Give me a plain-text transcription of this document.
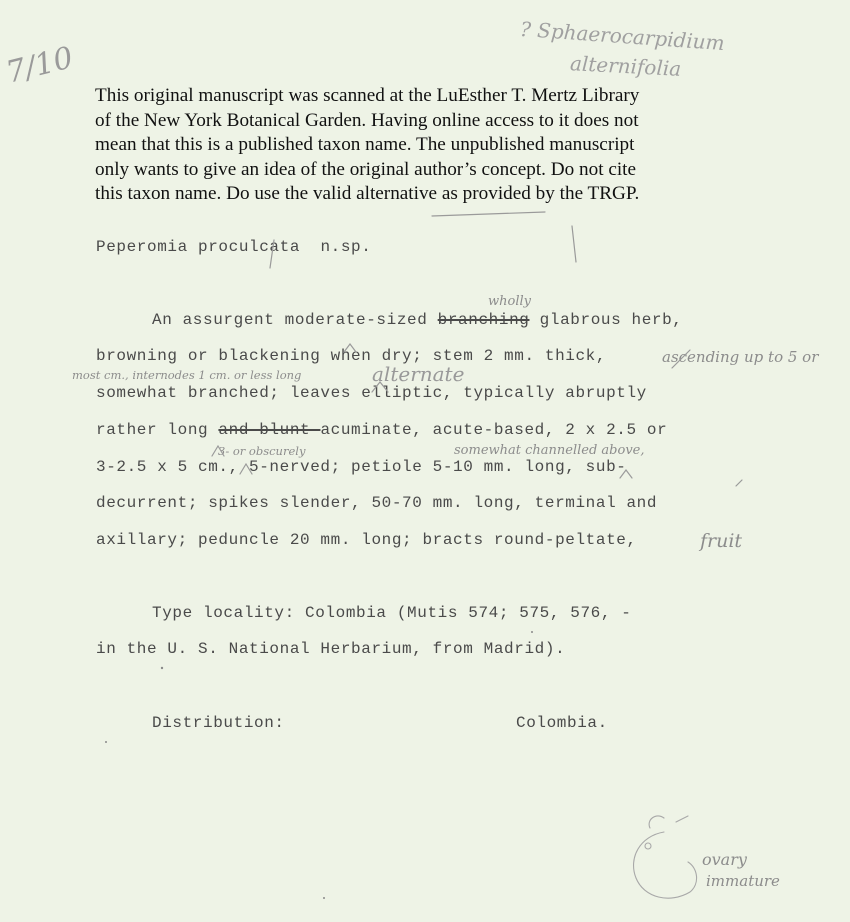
This original manuscript was scanned at the LuEsther T. Mertz Library
of the New York Botanical Garden. Having online access to it does not
mean that this is a published taxon name. The unpublished manuscript
only wants to give an idea of the original author’s concept. Do not cite
this taxon name. Do use the valid alternative as provided by the TRGP.
7/10
? Sphaerocarpidium
alternifolia
Peperomia proculcata n.sp.
wholly
An assurgent moderate-sized branching glabrous herb,
browning or blackening when dry; stem 2 mm. thick,	ascending up to 5 or
most cm., internodes 1 cm. or less long	alternate
somewhat branched; leaves elliptic, typically abruptly
rather long and blunt-acuminate, acute-based, 2 x 2.5 or
3- or obscurely	somewhat channelled above,
3-2.5 x 5 cm., 5-nerved; petiole 5-10 mm. long, sub-
decurrent; spikes slender, 50-70 mm. long, terminal and
axillary; peduncle 20 mm. long; bracts round-peltate,	fruit
Type locality: Colombia (Mutis 574; 575, 576, -
in the U. S. National Herbarium, from Madrid).
Distribution:	Colombia.
ovary
immature
